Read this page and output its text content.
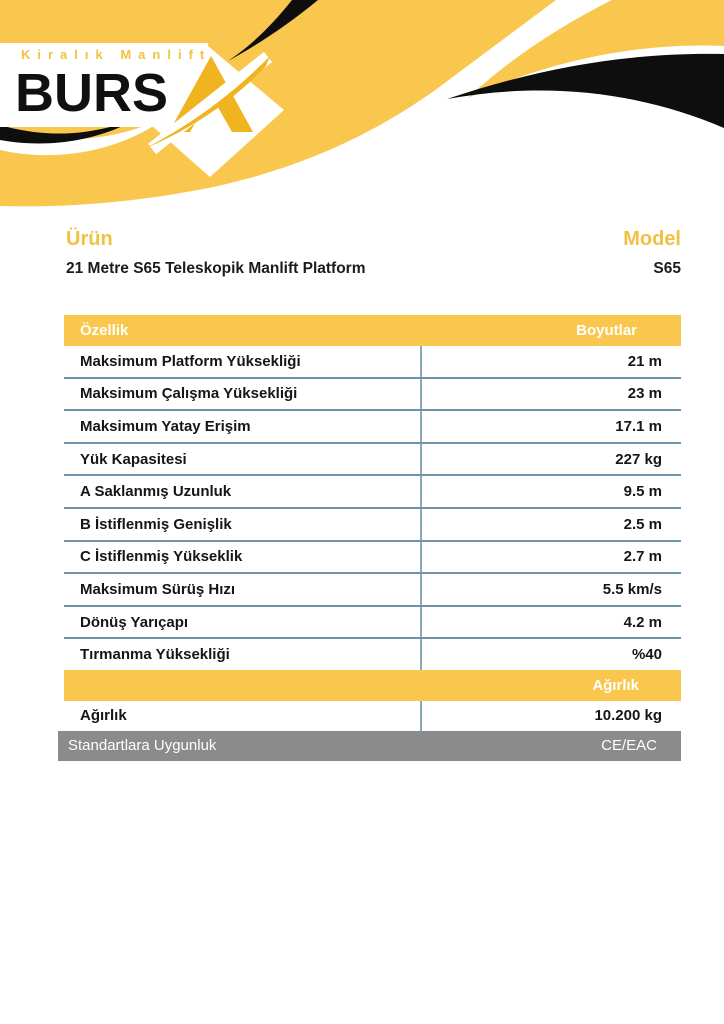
Kiralık Manlift
BURS
Ürün
21 Metre S65 Teleskopik Manlift Platform
Model
S65
Özellik	Boyutlar
Maksimum Platform Yüksekliği	21 m
Maksimum Çalışma Yüksekliği	23 m
Maksimum Yatay Erişim	17.1 m
Yük Kapasitesi	227 kg
A Saklanmış Uzunluk	9.5 m
B İstiflenmiş Genişlik	2.5 m
C İstiflenmiş Yükseklik	2.7 m
Maksimum Sürüş Hızı	5.5 km/s
Dönüş Yarıçapı	4.2 m
Tırmanma Yüksekliği	%40
Ağırlık
Ağırlık	10.200 kg
Standartlara Uygunluk	CE/EAC
